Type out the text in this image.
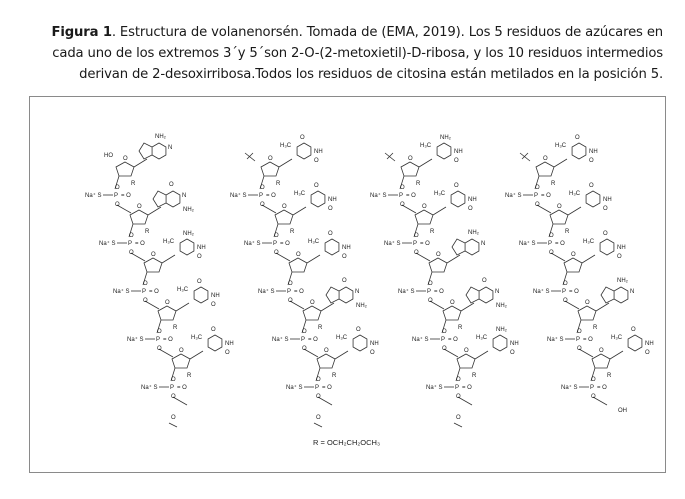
Figura 1. Estructura de volanenorsén. Tomada de (EMA, 2019). Los 5 residuos de azúcares en
cada uno de los extremos 3´y 5´son 2-O-(2-metoxietil)-D-ribosa, y los 10 residuos intermedios
derivan de 2-desoxirribosa.Todos los residuos de citosina están metilados en la posición 5.
HO O
NH₂
N
R
Na⁺ S P = O
O
O	O
O
NH₂
N
R
Na⁺ S P = O
O
O	O
NH₂
H₃C
NH
O
Na⁺ S P = O
O
O	O
O
H₃C
NH
O
R
Na⁺ S P = O
O
O	O
O
H₃C
NH
O
R
Na⁺ S P = O
O
O
O
O
O
H₃C
NH
O
R
Na⁺ S P = O
O
O	O
O
H₃C
NH
O
R
Na⁺ S P = O
O
O	O
O
H₃C
NH
O
Na⁺ S P = O
O
O	O
O
NH₂
N
R
Na⁺ S P = O
O
O	O
O
H₃C
NH
O
R
Na⁺ S P = O
O
O
O
O
NH₂
H₃C
NH
O
R
Na⁺ S P = O
O
O	O
O
H₃C
NH
O
R
Na⁺ S P = O
O
O	O
NH₂
N
Na⁺ S P = O
O
O	O
O
NH₂
N
R
Na⁺ S P = O
O
O	O
NH₂
H₃C
NH
O
R
Na⁺ S P = O
O
O
O
O
O
H₃C
NH
O
R
Na⁺ S P = O
O
O	O
O
H₃C
NH
O
R
Na⁺ S P = O
O
O	O
O
H₃C
NH
O
Na⁺ S P = O
O
O	O
NH₂
N
R
Na⁺ S P = O
O
O	O
O
H₃C
NH
O
R
Na⁺ S P = O
O
O
OH
R = OCH₂CH₂OCH₃
